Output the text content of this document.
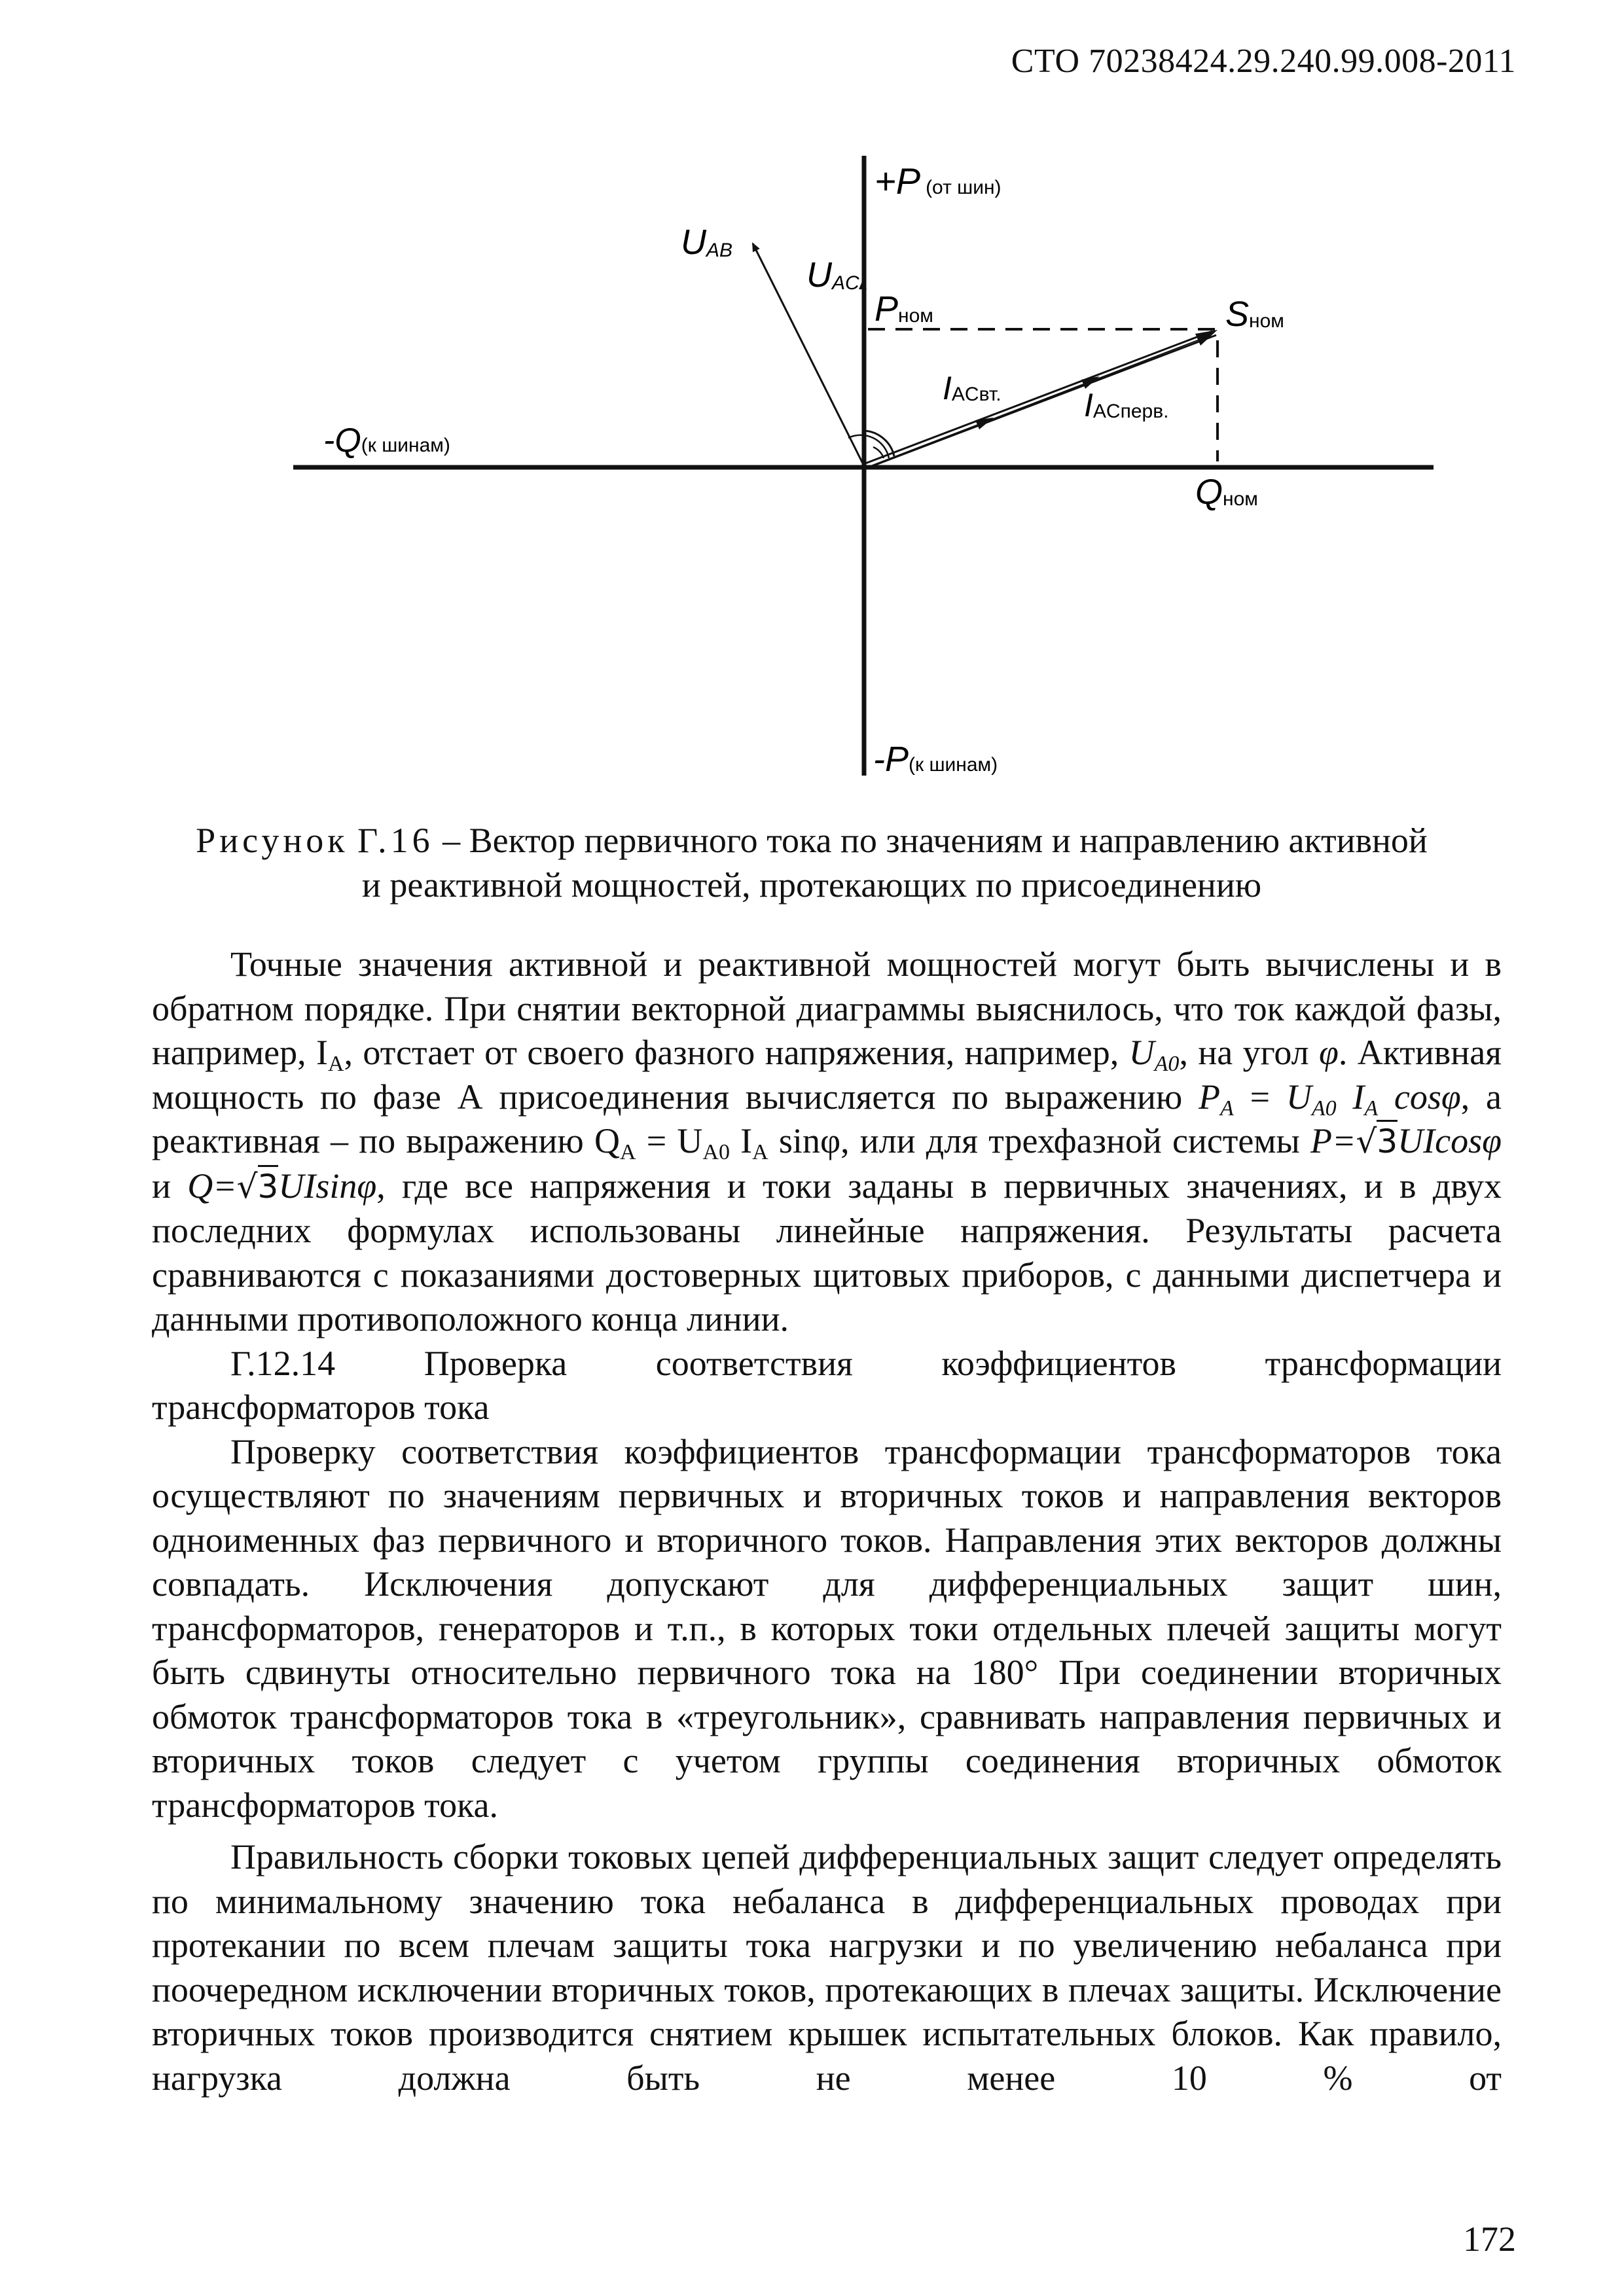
СТО 70238424.29.240.99.008-2011
+P (от шин)
UAB
UAC
Pном	Sном
IACвт.	IACперв.
-Q(к шинам)
Qном
-P(к шинам)
Рисунок Г.16 – Вектор первичного тока по значениям и направлению активной
и реактивной мощностей, протекающих по присоединению

Точные значения активной и реактивной мощностей могут быть вычислены и в обратном порядке. При снятии векторной диаграммы выяснилось, что ток каждой фазы, например, $I_A$, отстает от своего фазного напряжения, например, $U_{A0}$, на угол φ. Активная мощность по фазе А присоединения вычисляется по выражению $P_A = U_{A0}$ $I_A$ cosφ, а реактивная – по выражению $Q_A = U_{A0}$ $I_A$ sinφ, или для трехфазной системы P=√3UIcosφ и Q=√3UIsinφ, где все напряжения и токи заданы в первичных значениях, и в двух последних формулах использованы линейные напряжения. Результаты расчета сравниваются с показаниями достоверных щитовых приборов, с данными диспетчера и данными противоположного конца линии.

Г.12.14	Проверка	соответствия	коэффициентов	трансформации

трансформаторов тока

Проверку соответствия коэффициентов трансформации трансформаторов тока осуществляют по значениям первичных и вторичных токов и направления векторов одноименных фаз первичного и вторичного токов. Направления этих векторов должны совпадать. Исключения допускают для дифференциальных защит шин, трансформаторов, генераторов и т.п., в которых токи отдельных плечей защиты могут быть сдвинуты относительно первичного тока на 180° При соединении вторичных обмоток трансформаторов тока в «треугольник», сравнивать направления первичных и вторичных токов следует с учетом группы соединения вторичных обмоток трансформаторов тока.

Правильность сборки токовых цепей дифференциальных защит следует определять по минимальному значению тока небаланса в дифференциальных проводах при протекании по всем плечам защиты тока нагрузки и по увеличению небаланса при поочередном исключении вторичных токов, протекающих в плечах защиты. Исключение вторичных токов производится снятием крышек испытательных блоков. Как правило, нагрузка должна быть не менее 10 % от

172
